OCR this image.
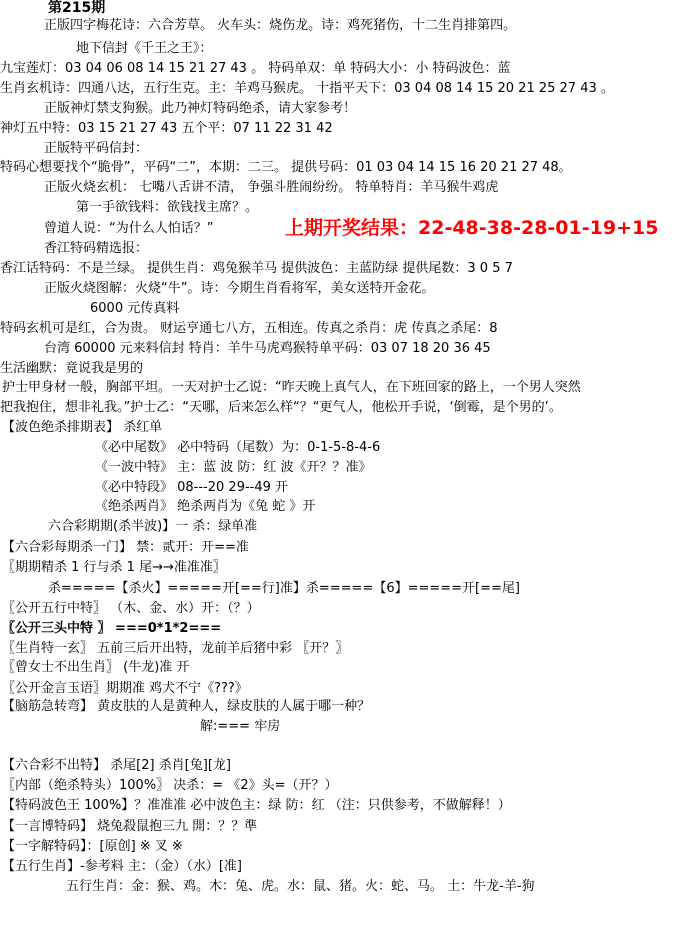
第215期
正版四字梅花诗：六合芳草。 火车头：烧伤龙。诗：鸡死猪伤，十二生肖排第四。
地下信封《千王之王》：
九宝莲灯：03 04 06 08 14 15 21 27 43 。 特码单双：单 特码大小：小 特码波色：蓝
生肖玄机诗：四通八达，五行生克。主：羊鸡马猴虎。 十指平天下：03 04 08 14 15 20 21 25 27 43 。
正版神灯禁支狗猴。此乃神灯特码绝杀，请大家参考！
神灯五中特：03 15 21 27 43 五个平：07 11 22 31 42
正版特平码信封：
特码心想要找个“脆骨”，平码“二”，本期：二三。 提供号码：01 03 04 14 15 16 20 21 27 48。
正版火烧玄机： 七嘴八舌讲不清， 争强斗胜闹纷纷。 特单特肖：羊马猴牛鸡虎
第一手欲钱料：欲钱找主席？。
曾道人说：“为什么人怕话？”	上期开奖结果：22-48-38-28-01-19+15
香江特码精选报：
香江话特码：不是兰绿。 提供生肖：鸡兔猴羊马 提供波色：主蓝防绿 提供尾数：3 0 5 7
正版火烧图解：火烧“牛”。诗：今期生肖看将军，美女送特开金花。
6000 元传真料
特码玄机可是红，合为贵。 财运亨通七八方，五相连。传真之杀肖：虎 传真之杀尾：8
台湾 60000 元来料信封 特肖：羊牛马虎鸡猴特单平码：03 07 18 20 36 45
生活幽默：竟说我是男的
护士甲身材一般，胸部平坦。一天对护士乙说：“昨天晚上真气人，在下班回家的路上，一个男人突然
把我抱住，想非礼我。”护士乙：“天哪，后来怎么样“？“更气人，他松开手说，‘倒霉，是个男的’。
【波色绝杀排期表】 杀红单
《必中尾数》 必中特码（尾数）为：0-1-5-8-4-6
《一波中特》 主：蓝 波 防：红 波《开？？准》
《必中特段》 08---20 29--49 开
《绝杀两肖》 绝杀两肖为《兔 蛇 》开
六合彩期期(杀半波)】一 杀：绿单准
【六合彩每期杀一门】 禁：贰开：开==准
〖期期精杀 1 行与杀 1 尾→→准准准〗
杀=====【杀火】=====开[==行]准】杀=====【6】=====开[==尾]
〖公开五行中特〗 （木、金、水）开：（？）
〖公开三头中特 〗 ===0*1*2===
〖生肖特一玄〗 五前三后开出特，龙前羊后猪中彩 〖开？〗
〖曾女士不出生肖〗 (牛龙)准 开
〖公开金言玉语〗期期准 鸡犬不宁《???》
【脑筋急转弯】 黄皮肤的人是黄种人，绿皮肤的人属于哪一种？
解:=== 牢房
【六合彩不出特】 杀尾[2] 杀肖[兔][龙]
〖内部（绝杀特头）100%〗 决杀：= 《2》头=（开？）
【特码波色王 100%】？准准准 必中波色主：绿 防：红 （注：只供参考，不做解释！）
【一言博特码】 烧兔殺鼠抱三九 開：？？準
【一字解特码】：[原创] ※ 叉 ※
【五行生肖】-参考料 主：（金）（水）[准]
五行生肖：金：猴、鸡。木：兔、虎。水：鼠、猪。火：蛇、马。 土：牛龙-羊-狗
